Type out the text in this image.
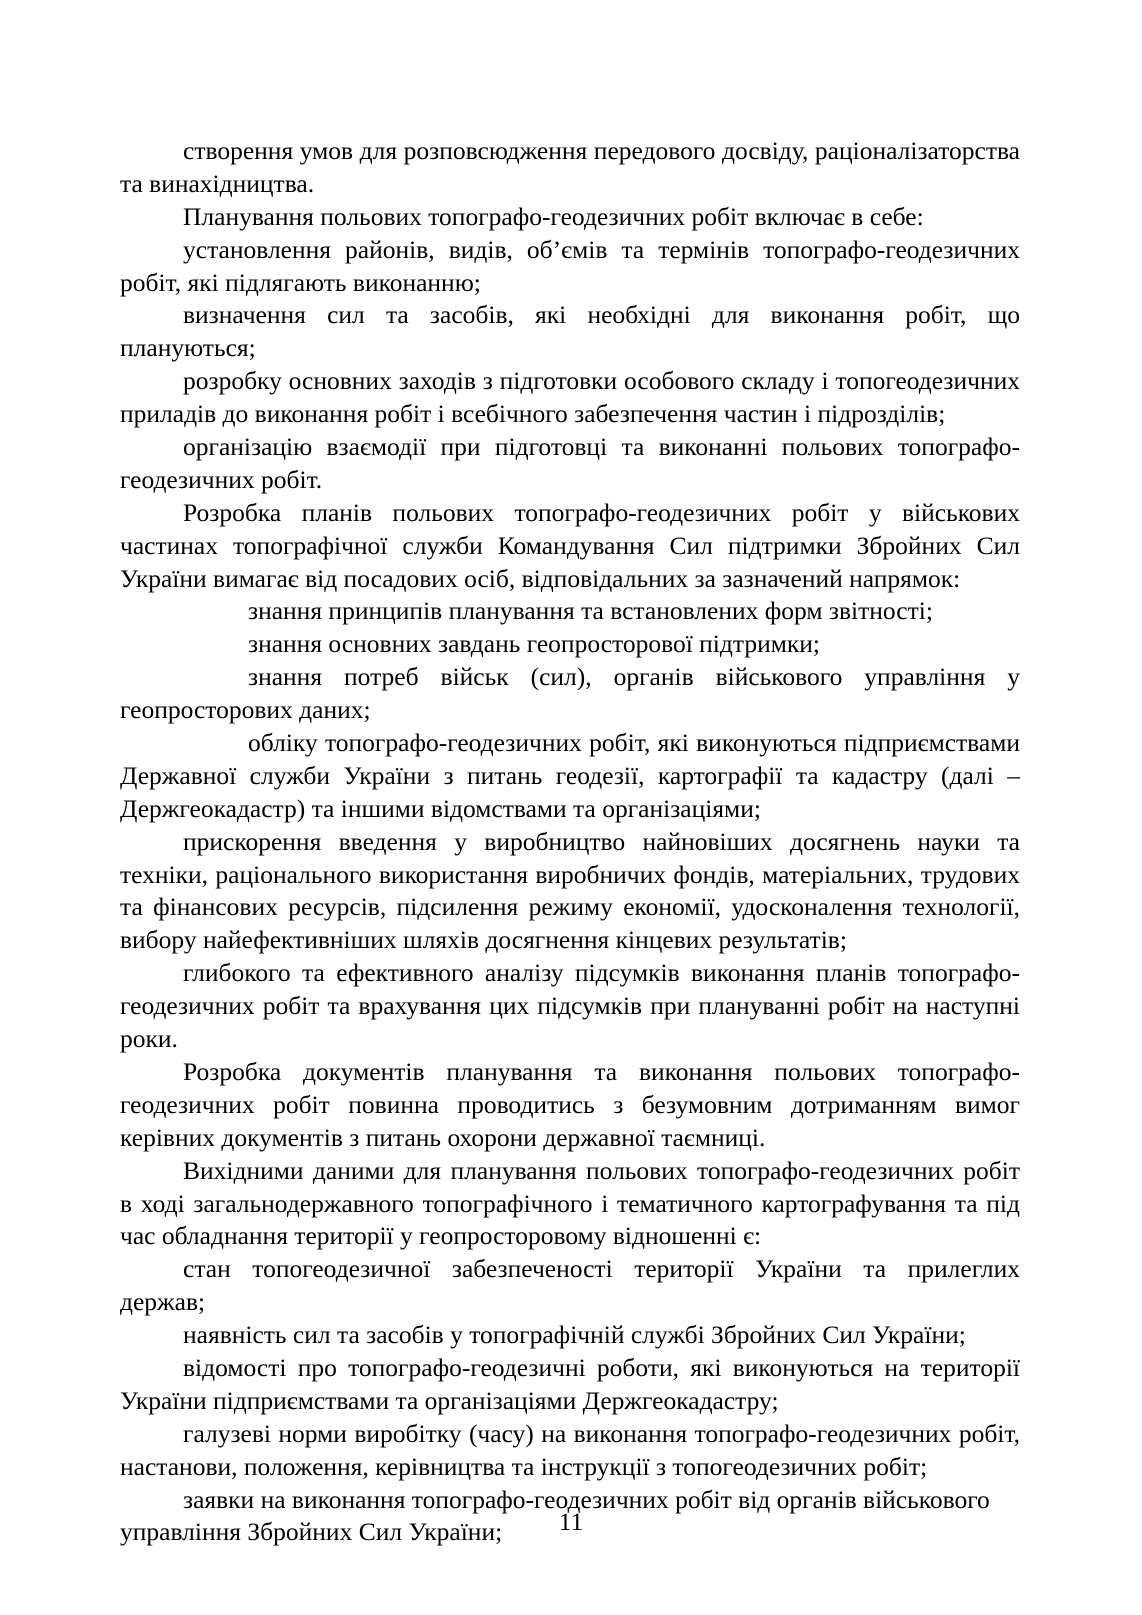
створення умов для розповсюдження передового досвіду, раціоналізаторства та винахідництва.

Планування польових топографо-геодезичних робіт включає в себе:

установлення районів, видів, об’ємів та термінів топографо-геодезичних робіт, які підлягають виконанню;

визначення сил та засобів, які необхідні для виконання робіт, що плануються;

розробку основних заходів з підготовки особового складу і топогеодезичних приладів до виконання робіт і всебічного забезпечення частин і підрозділів;

організацію взаємодії при підготовці та виконанні польових топографо-геодезичних робіт.

Розробка планів польових топографо-геодезичних робіт у військових частинах топографічної служби Командування Сил підтримки Збройних Сил України вимагає від посадових осіб, відповідальних за зазначений напрямок:

знання принципів планування та встановлених форм звітності;

знання основних завдань геопросторової підтримки;

знання потреб військ (сил), органів військового управління у геопросторових даних;

обліку топографо-геодезичних робіт, які виконуються підприємствами Державної служби України з питань геодезії, картографії та кадастру (далі – Держгеокадастр) та іншими відомствами та організаціями;

прискорення введення у виробництво найновіших досягнень науки та техніки, раціонального використання виробничих фондів, матеріальних, трудових та фінансових ресурсів, підсилення режиму економії, удосконалення технології, вибору найефективніших шляхів досягнення кінцевих результатів;

глибокого та ефективного аналізу підсумків виконання планів топографо-геодезичних робіт та врахування цих підсумків при плануванні робіт на наступні роки.

Розробка документів планування та виконання польових топографо-геодезичних робіт повинна проводитись з безумовним дотриманням вимог керівних документів з питань охорони державної таємниці.

Вихідними даними для планування польових топографо-геодезичних робіт в ході загальнодержавного топографічного і тематичного картографування та під час обладнання території у геопросторовому відношенні є:

стан топогеодезичної забезпеченості території України та прилеглих держав;

наявність сил та засобів у топографічній службі Збройних Сил України;

відомості про топографо-геодезичні роботи, які виконуються на території України підприємствами та організаціями Держгеокадастру;

галузеві норми виробітку (часу) на виконання топографо-геодезичних робіт, настанови, положення, керівництва та інструкції з топогеодезичних робіт;

заявки на виконання топографо-геодезичних робіт від органів військового управління Збройних Сил України;	11
